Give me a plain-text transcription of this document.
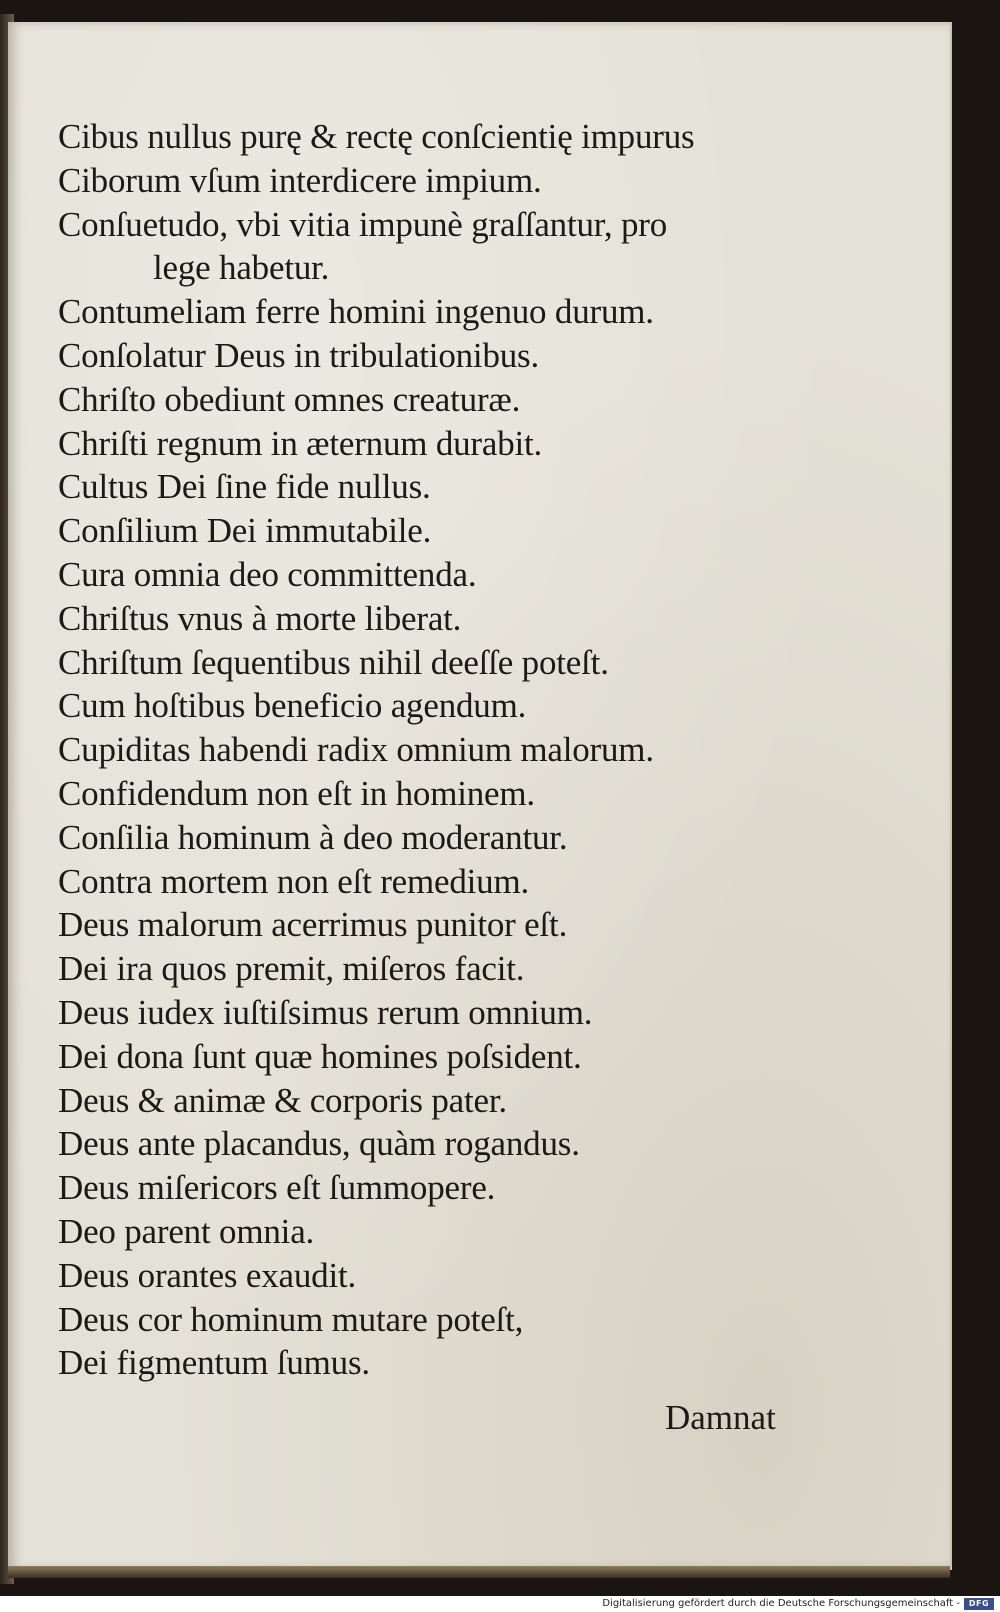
Cibus nullus purę & rectę conſcientię impurus
Ciborum vſum interdicere impium.
Conſuetudo, vbi vitia impunè graſſantur, pro
lege habetur.
Contumeliam ferre homini ingenuo durum.
Conſolatur Deus in tribulationibus.
Chriſto obediunt omnes creaturæ.
Chriſti regnum in æternum durabit.
Cultus Dei ſine fide nullus.
Conſilium Dei immutabile.
Cura omnia deo committenda.
Chriſtus vnus à morte liberat.
Chriſtum ſequentibus nihil deeſſe poteſt.
Cum hoſtibus beneficio agendum.
Cupiditas habendi radix omnium malorum.
Confidendum non eſt in hominem.
Conſilia hominum à deo moderantur.
Contra mortem non eſt remedium.
Deus malorum acerrimus punitor eſt.
Dei ira quos premit, miſeros facit.
Deus iudex iuſtiſsimus rerum omnium.
Dei dona ſunt quæ homines poſsident.
Deus & animæ & corporis pater.
Deus ante placandus, quàm rogandus.
Deus miſericors eſt ſummopere.
Deo parent omnia.
Deus orantes exaudit.
Deus cor hominum mutare poteſt,
Dei figmentum ſumus.
Damnat
Digitalisierung gefördert durch die Deutsche Forschungsgemeinschaft -	DFG
